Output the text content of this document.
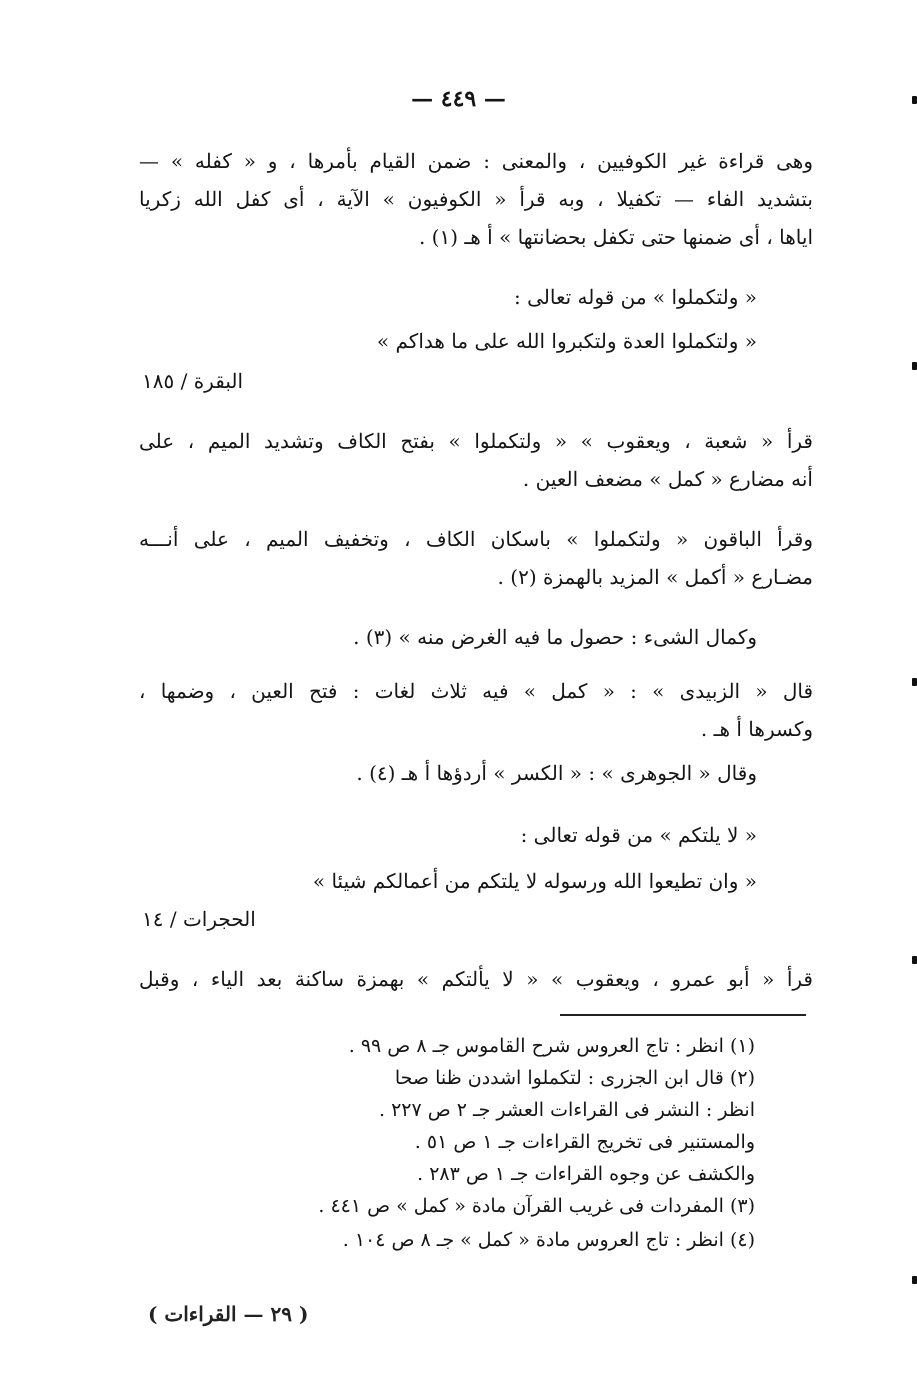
— ٤٤٩ —
وهى قراءة غير الكوفيين ، والمعنى : ضمن القيام بأمرها ، و « كفله » —
بتشديد الفاء — تكفيلا ، وبه قرأ « الكوفيون » الآية ، أى كفل الله زكريا
اياها ، أى ضمنها حتى تكفل بحضانتها » أ هـ (١) .
« ولتكملوا » من قوله تعالى :
« ولتكملوا العدة ولتكبروا الله على ما هداكم »
البقرة / ١٨٥
قرأ « شعبة ، ويعقوب » « ولتكملوا » بفتح الكاف وتشديد الميم ، على
أنه مضارع « كمل » مضعف العين .
وقرأ الباقون « ولتكملوا » باسكان الكاف ، وتخفيف الميم ، على أنـــه
مضـارع « أكمل » المزيد بالهمزة (٢) .
وكمال الشىء : حصول ما فيه الغرض منه » (٣) .
قال « الزبيدى » : « كمل » فيه ثلاث لغات : فتح العين ، وضمها ،
وكسرها أ هـ .
وقال « الجوهرى » : « الكسر » أردؤها أ هـ (٤) .
« لا يلتكم » من قوله تعالى :
« وان تطيعوا الله ورسوله لا يلتكم من أعمالكم شيئا »
الحجرات / ١٤
قرأ « أبو عمرو ، ويعقوب » « لا يألتكم » بهمزة ساكنة بعد الياء ، وقبل
(١) انظر : تاج العروس شرح القاموس جـ ٨ ص ٩٩ .
(٢) قال ابن الجزرى : لتكملوا اشددن ظنا صحا
انظر : النشر فى القراءات العشر جـ ٢ ص ٢٢٧ .
والمستنير فى تخريج القراءات جـ ١ ص ٥١ .
والكشف عن وجوه القراءات جـ ١ ص ٢٨٣ .
(٣) المفردات فى غريب القرآن مادة « كمل » ص ٤٤١ .
(٤) انظر : تاج العروس مادة « كمل » جـ ٨ ص ١٠٤ .
( ٢٩ — القراءات )
